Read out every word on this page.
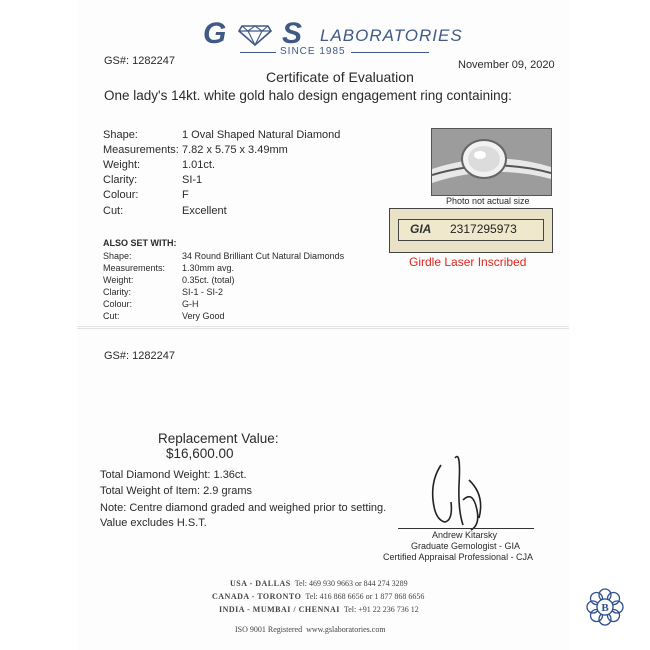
G S LABORATORIES
SINCE 1985
GS#: 1282247	November 09, 2020
Certificate of Evaluation
One lady's 14kt. white gold halo design engagement ring containing:
Shape:	1 Oval Shaped Natural Diamond
Measurements: 7.82 x 5.75 x 3.49mm
Weight:	1.01ct.
Clarity:	SI-1
Colour:	F
Cut:	Excellent
Photo not actual size
GIA 2317295973
Girdle Laser Inscribed
ALSO SET WITH:
Shape:	34 Round Brilliant Cut Natural Diamonds
Measurements: 1.30mm avg.
Weight:	0.35ct. (total)
Clarity:	SI-1 - SI-2
Colour:	G-H
Cut:	Very Good
GS#: 1282247
Replacement Value:
$16,600.00
Total Diamond Weight: 1.36ct.
Total Weight of Item: 2.9 grams
Note: Centre diamond graded and weighed prior to setting.
Value excludes H.S.T.
Andrew Kitarsky
Graduate Gemologist - GIA
Certified Appraisal Professional - CJA
USA - DALLAS Tel: 469 930 9663 or 844 274 3289
CANADA - TORONTO Tel: 416 868 6656 or 1 877 868 6656
INDIA - MUMBAI / CHENNAI Tel: +91 22 236 736 12
ISO 9001 Registered www.gslaboratories.com
B
